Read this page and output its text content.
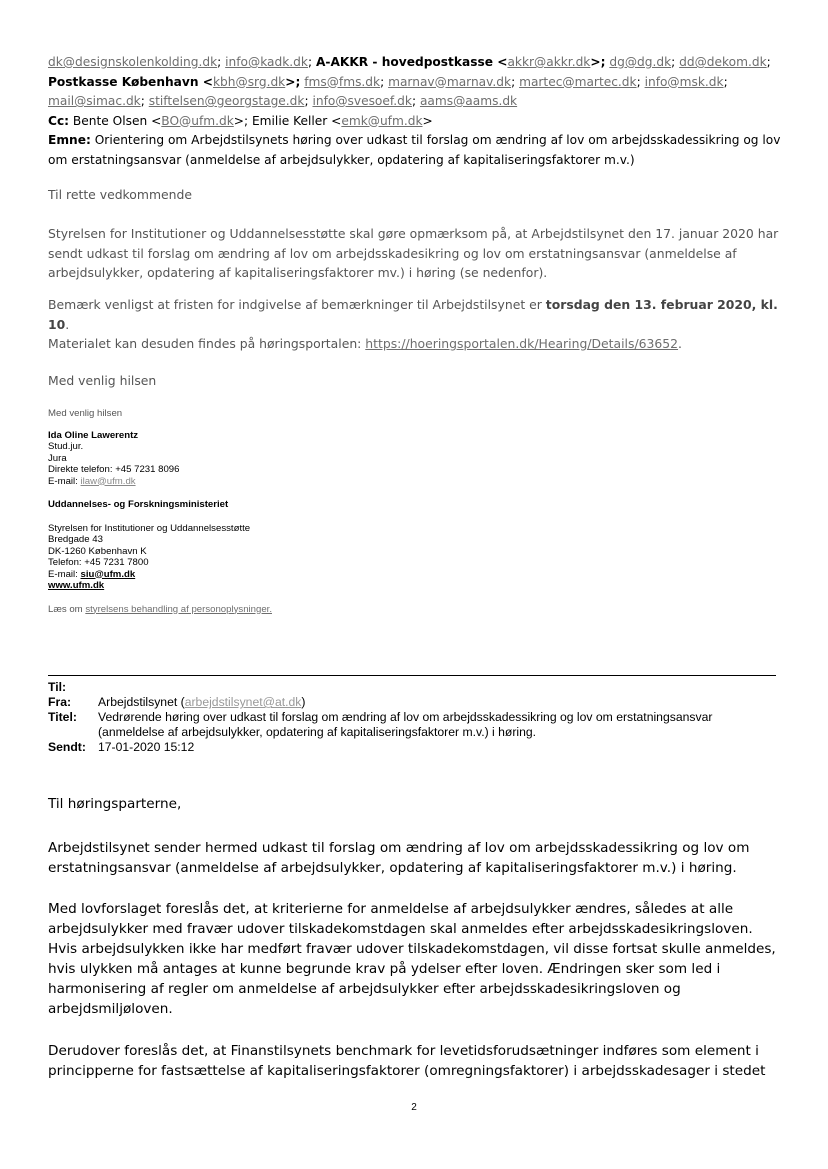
dk@designskolenkolding.dk; info@kadk.dk; A-AKKR - hovedpostkasse <akkr@akkr.dk>; dg@dg.dk; dd@dekom.dk;
Postkasse København <kbh@srg.dk>; fms@fms.dk; marnav@marnav.dk; martec@martec.dk; info@msk.dk;
mail@simac.dk; stiftelsen@georgstage.dk; info@svesoef.dk; aams@aams.dk
Cc: Bente Olsen <BO@ufm.dk>; Emilie Keller <emk@ufm.dk>
Emne: Orientering om Arbejdstilsynets høring over udkast til forslag om ændring af lov om arbejdsskadessikring og lov om erstatningsansvar (anmeldelse af arbejdsulykker, opdatering af kapitaliseringsfaktorer m.v.)
Til rette vedkommende
Styrelsen for Institutioner og Uddannelsesstøtte skal gøre opmærksom på, at Arbejdstilsynet den 17. januar 2020 har sendt udkast til forslag om ændring af lov om arbejdsskadesikring og lov om erstatningsansvar (anmeldelse af arbejdsulykker, opdatering af kapitaliseringsfaktorer mv.) i høring (se nedenfor).
Bemærk venligst at fristen for indgivelse af bemærkninger til Arbejdstilsynet er torsdag den 13. februar 2020, kl. 10.
Materialet kan desuden findes på høringsportalen: https://hoeringsportalen.dk/Hearing/Details/63652.
Med venlig hilsen
Med venlig hilsen
Ida Oline Lawerentz
Stud.jur.
Jura
Direkte telefon: +45 7231 8096
E-mail: ilaw@ufm.dk
Uddannelses- og Forskningsministeriet
Styrelsen for Institutioner og Uddannelsesstøtte
Bredgade 43
DK-1260 København K
Telefon: +45 7231 7800
E-mail: siu@ufm.dk
www.ufm.dk
Læs om styrelsens behandling af personoplysninger.
Til:
Fra: Arbejdstilsynet (arbejdstilsynet@at.dk)
Titel: Vedrørende høring over udkast til forslag om ændring af lov om arbejdsskadessikring og lov om erstatningsansvar (anmeldelse af arbejdsulykker, opdatering af kapitaliseringsfaktorer m.v.) i høring.
Sendt: 17-01-2020 15:12
Til høringsparterne,
Arbejdstilsynet sender hermed udkast til forslag om ændring af lov om arbejdsskadessikring og lov om erstatningsansvar (anmeldelse af arbejdsulykker, opdatering af kapitaliseringsfaktorer m.v.) i høring.
Med lovforslaget foreslås det, at kriterierne for anmeldelse af arbejdsulykker ændres, således at alle arbejdsulykker med fravær udover tilskadekomstdagen skal anmeldes efter arbejdsskadesikringsloven. Hvis arbejdsulykken ikke har medført fravær udover tilskadekomstdagen, vil disse fortsat skulle anmeldes, hvis ulykken må antages at kunne begrunde krav på ydelser efter loven. Ændringen sker som led i harmonisering af regler om anmeldelse af arbejdsulykker efter arbejdsskadesikringsloven og arbejdsmiljøloven.
Derudover foreslås det, at Finanstilsynets benchmark for levetidsforudsætninger indføres som element i principperne for fastsættelse af kapitaliseringsfaktorer (omregningsfaktorer) i arbejdsskadesager i stedet
2
